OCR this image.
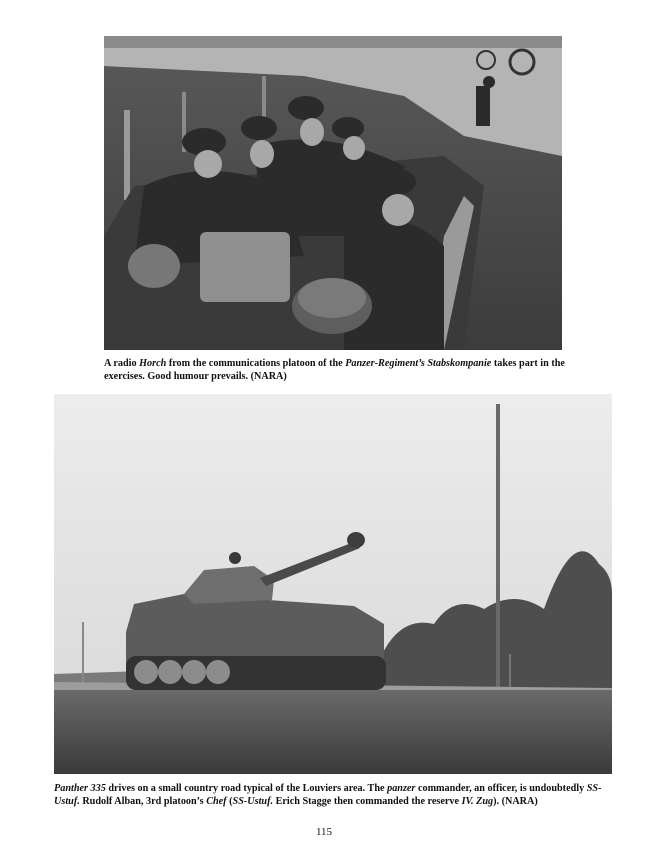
A radio Horch from the communications platoon of the Panzer-Regiment’s Stabskompanie takes part in the exercises. Good humour prevails. (NARA)
Panther 335 drives on a small country road typical of the Louviers area. The panzer commander, an officer, is undoubtedly SS-Ustuf. Rudolf Alban, 3rd platoon’s Chef (SS-Ustuf. Erich Stagge then commanded the reserve IV. Zug). (NARA)
115
